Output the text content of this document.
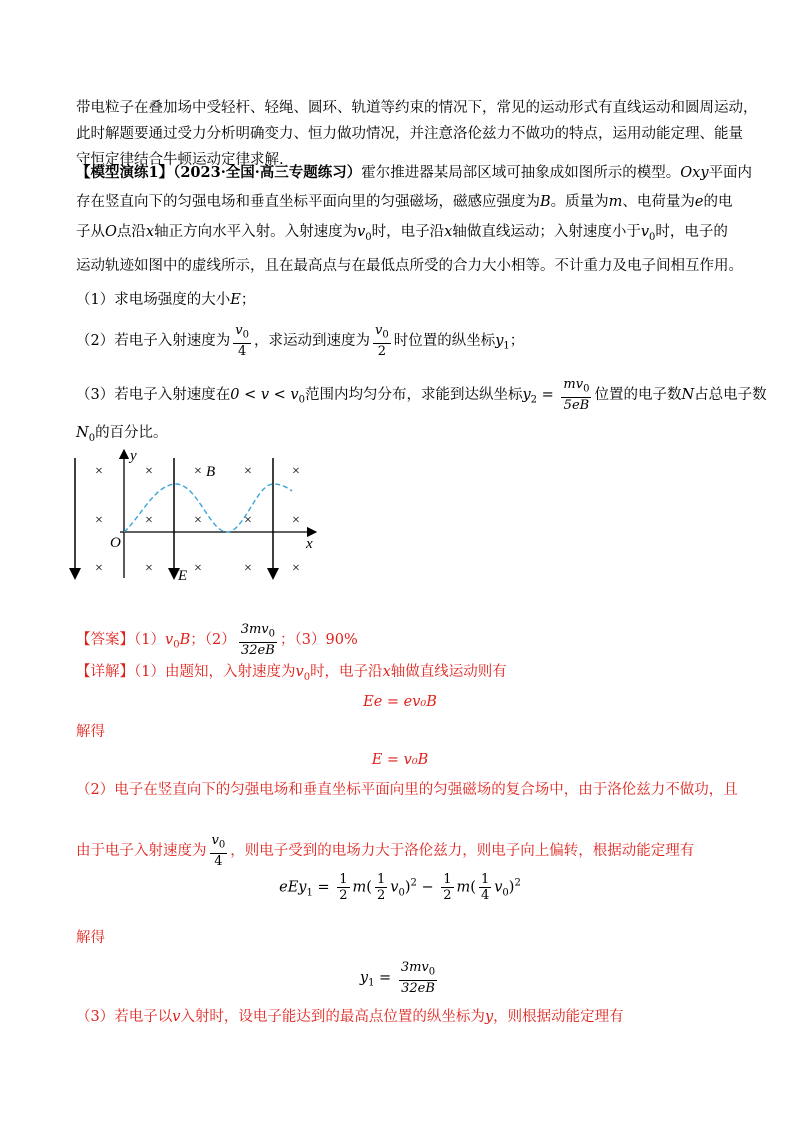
带电粒子在叠加场中受轻杆、轻绳、圆环、轨道等约束的情况下，常见的运动形式有直线运动和圆周运动，
此时解题要通过受力分析明确变力、恒力做功情况，并注意洛伦兹力不做功的特点，运用动能定理、能量
守恒定律结合牛顿运动定律求解.
【模型演练1】（2023·全国·高三专题练习）霍尔推进器某局部区域可抽象成如图所示的模型。Oxy平面内
存在竖直向下的匀强电场和垂直坐标平面向里的匀强磁场，磁感应强度为B。质量为m、电荷量为e的电
子从O点沿x轴正方向水平入射。入射速度为$v_0$时，电子沿x轴做直线运动；入射速度小于$v_0$时，电子的
运动轨迹如图中的虚线所示，且在最高点与在最低点所受的合力大小相等。不计重力及电子间相互作用。
（1）求电场强度的大小E；
（2）若电子入射速度为 $\frac{v_0}{4}$ ，求运动到速度为 $\frac{v_0}{2}$ 时位置的纵坐标$y_1$；
（3）若电子入射速度在$0 < v < v_0$范围内均匀分布，求能到达纵坐标$y_2 = \frac{mv_0}{5eB}$ 位置的电子数N占总电子数
$N_0$的百分比。
y
x
O
B
E
×	×	×	×	×
×	×	×	×	×
×	×	×	×	×
【答案】$(1)v_0B$；$(2) \frac{3mv_0}{32eB}$ ；（3）90%
【详解】（1）由题知，入射速度为$v_0$时，电子沿x轴做直线运动则有
Ee = ev₀B
解得
E = v₀B
（2）电子在竖直向下的匀强电场和垂直坐标平面向里的匀强磁场的复合场中，由于洛伦兹力不做功，且
由于电子入射速度为 $\frac{v_0}{4}$ ，则电子受到的电场力大于洛伦兹力，则电子向上偏转，根据动能定理有
$eEy_1 = \frac{1}{2} m( \frac{1}{2} v_0)^2 - \frac{1}{2} m( \frac{1}{4} v_0)^2$
解得
$y_1 = \frac{3mv_0}{32eB}$
（3）若电子以v入射时，设电子能达到的最高点位置的纵坐标为y，则根据动能定理有
